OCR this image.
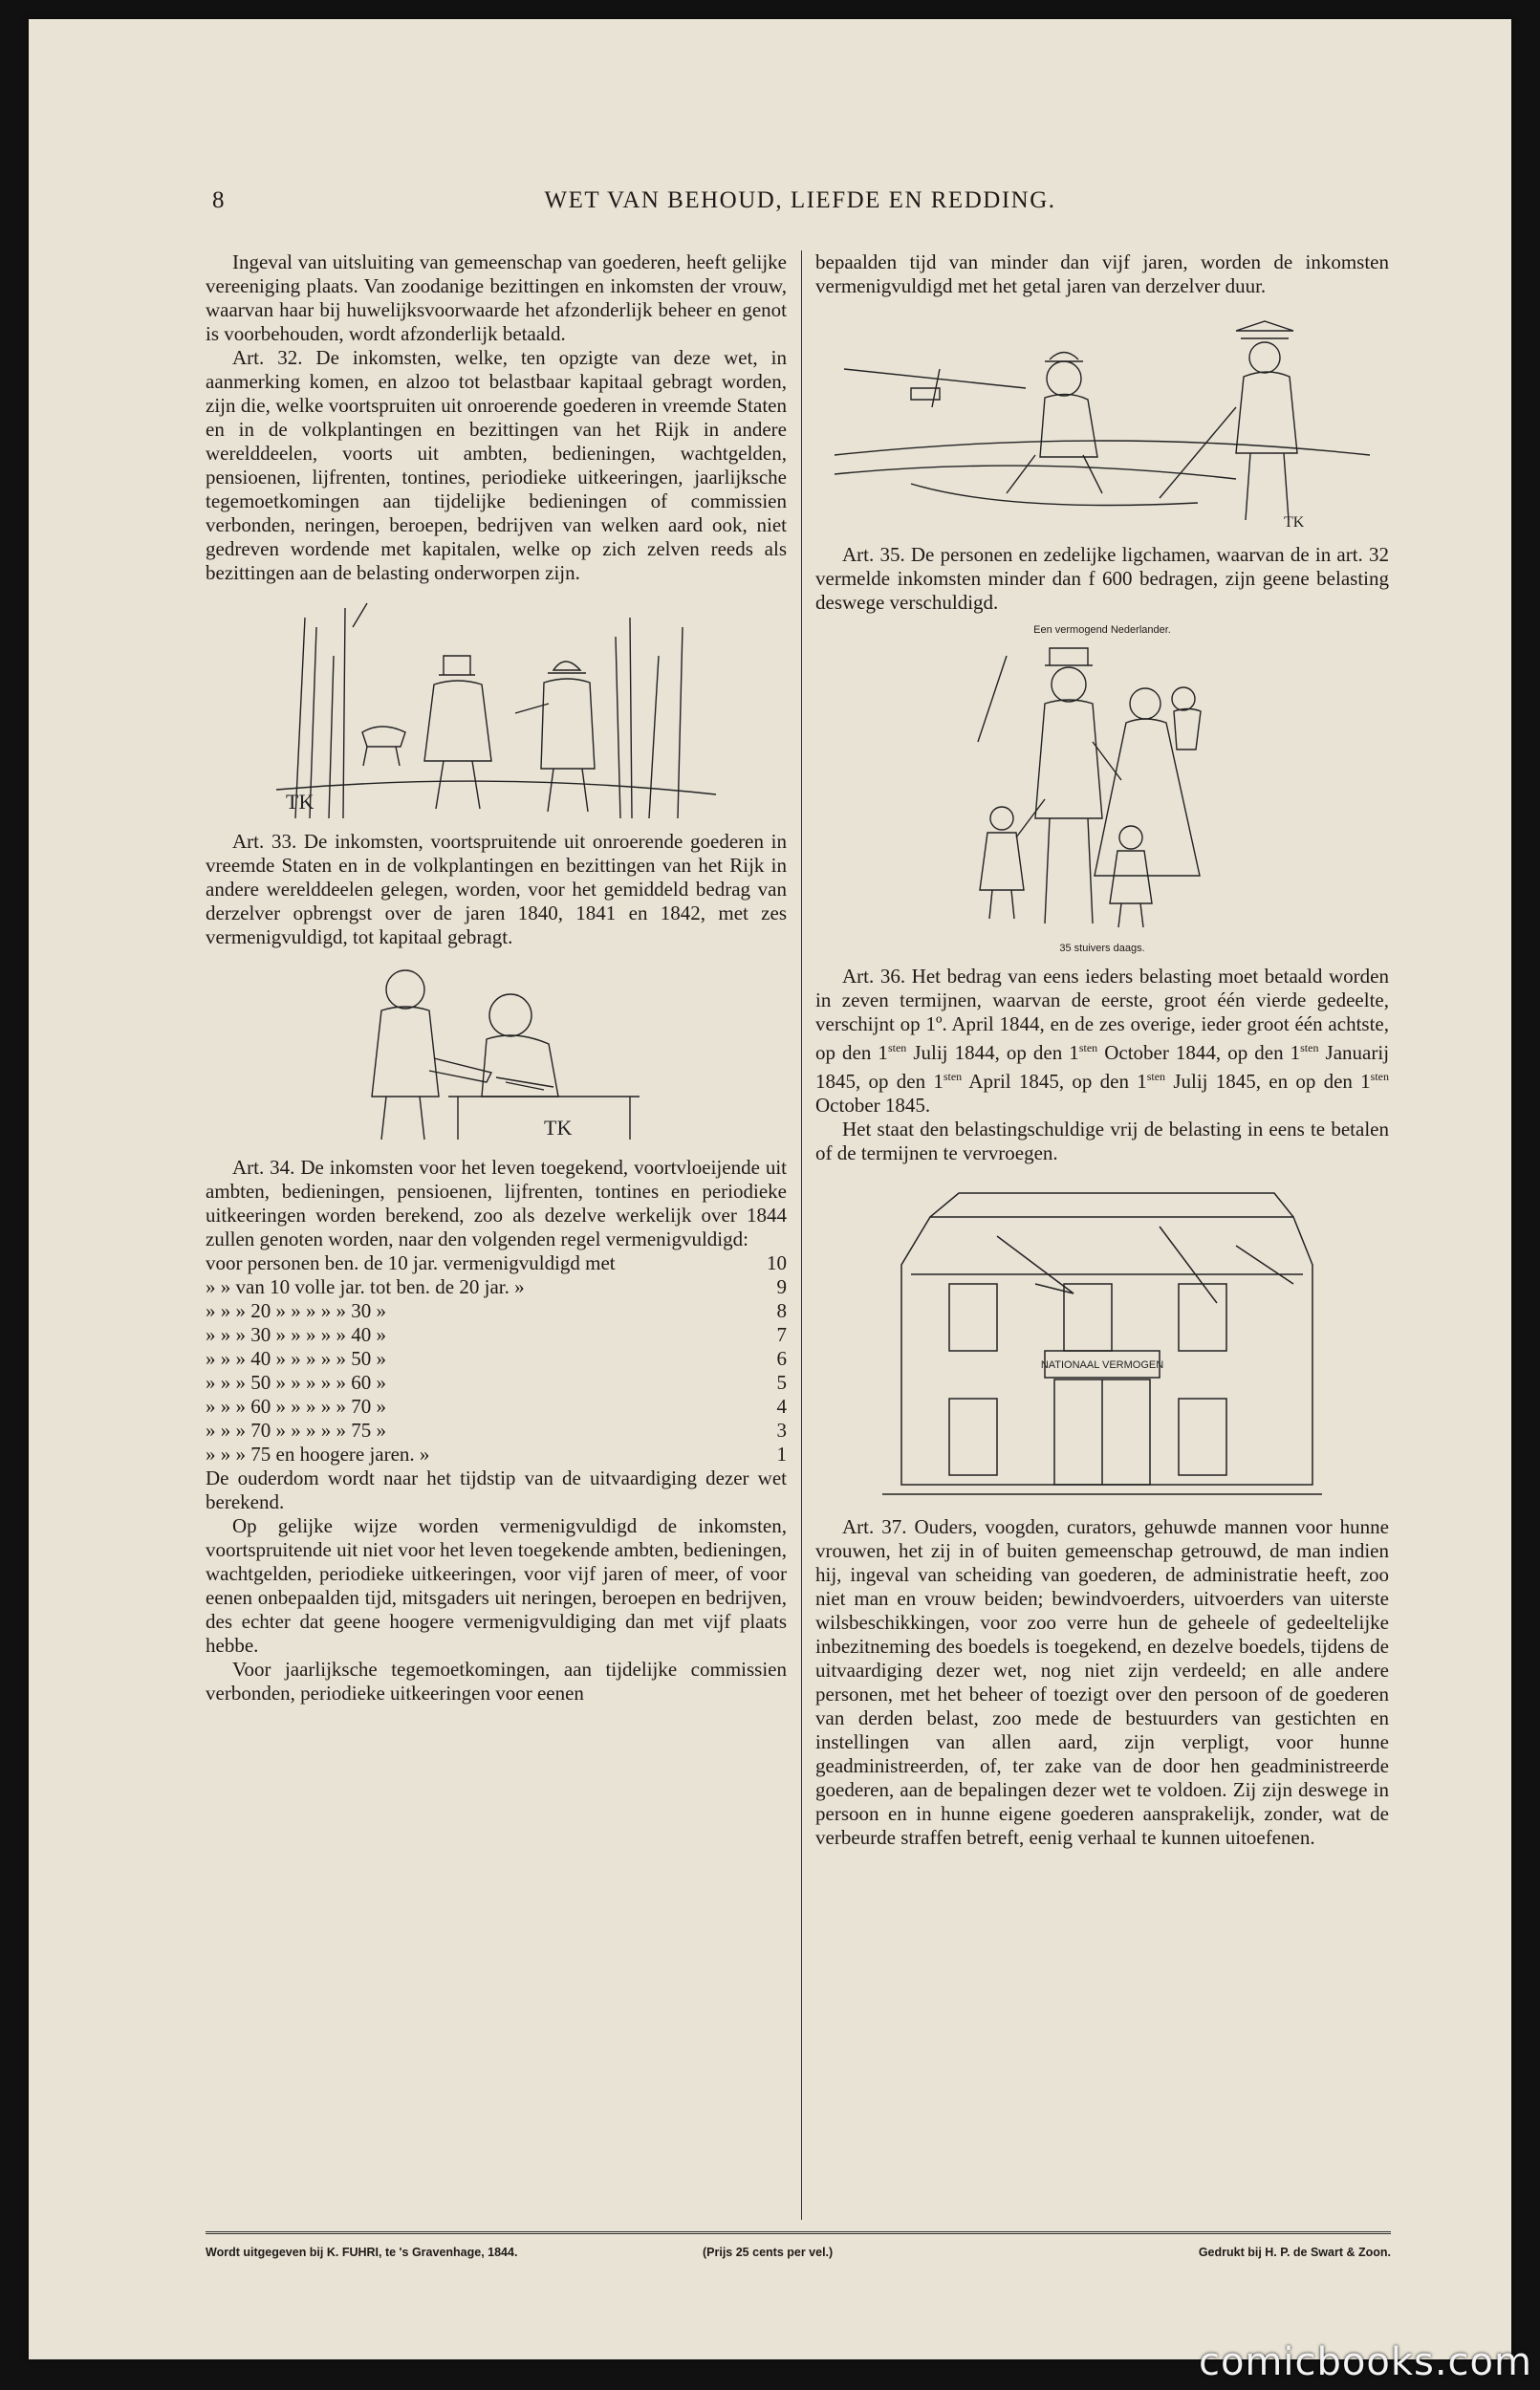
8	WET VAN BEHOUD, LIEFDE EN REDDING.

Ingeval van uitsluiting van gemeenschap van goederen, heeft gelijke vereeniging plaats. Van zoodanige bezittingen en inkomsten der vrouw, waarvan haar bij huwelijksvoorwaarde het afzonderlijk beheer en genot is voorbehouden, wordt afzonderlijk betaald.

Art. 32. De inkomsten, welke, ten opzigte van deze wet, in aanmerking komen, en alzoo tot belastbaar kapitaal gebragt worden, zijn die, welke voortspruiten uit onroerende goederen in vreemde Staten en in de volkplantingen en bezittingen van het Rijk in andere werelddeelen, voorts uit ambten, bedieningen, wachtgelden, pensioenen, lijfrenten, tontines, periodieke uitkeeringen, jaarlijksche tegemoetkomingen aan tijdelijke bedieningen of commissien verbonden, neringen, beroepen, bedrijven van welken aard ook, niet gedreven wordende met kapitalen, welke op zich zelven reeds als bezittingen aan de belasting onderworpen zijn.

TK

Art. 33. De inkomsten, voortspruitende uit onroerende goederen in vreemde Staten en in de volkplantingen en bezittingen van het Rijk in andere werelddeelen gelegen, worden, voor het gemiddeld bedrag van derzelver opbrengst over de jaren 1840, 1841 en 1842, met zes vermenigvuldigd, tot kapitaal gebragt.

TK

Art. 34. De inkomsten voor het leven toegekend, voortvloeijende uit ambten, bedieningen, pensioenen, lijfrenten, tontines en periodieke uitkeeringen worden berekend, zoo als dezelve werkelijk over 1844 zullen genoten worden, naar den volgenden regel vermenigvuldigd:

voor personen ben. de 10 jar. vermenigvuldigd met	10
» » van 10 volle jar. tot ben. de 20 jar. »	9
» » » 20 » » » » » 30 »	8
» » » 30 » » » » » 40 »	7
» » » 40 » » » » » 50 »	6
» » » 50 » » » » » 60 »	5
» » » 60 » » » » » 70 »	4
» » » 70 » » » » » 75 »	3
» » » 75 en hoogere jaren. »	1

De ouderdom wordt naar het tijdstip van de uitvaardiging dezer wet berekend.

Op gelijke wijze worden vermenigvuldigd de inkomsten, voortspruitende uit niet voor het leven toegekende ambten, bedieningen, wachtgelden, periodieke uitkeeringen, voor vijf jaren of meer, of voor eenen onbepaalden tijd, mitsgaders uit neringen, beroepen en bedrijven, des echter dat geene hoogere vermenigvuldiging dan met vijf plaats hebbe.

Voor jaarlijksche tegemoetkomingen, aan tijdelijke commissien verbonden, periodieke uitkeeringen voor eenen

bepaalden tijd van minder dan vijf jaren, worden de inkomsten vermenigvuldigd met het getal jaren van derzelver duur.

TK

Art. 35. De personen en zedelijke ligchamen, waarvan de in art. 32 vermelde inkomsten minder dan f 600 bedragen, zijn geene belasting deswege verschuldigd.

Een vermogend Nederlander.
35 stuivers daags.

Art. 36. Het bedrag van eens ieders belasting moet betaald worden in zeven termijnen, waarvan de eerste, groot één vierde gedeelte, verschijnt op 1º. April 1844, en de zes overige, ieder groot één achtste, op den $1^{sten}$ Julij 1844, op den $1^{sten}$ October 1844, op den $1^{sten}$ Januarij 1845, op den $1^{sten}$ April 1845, op den $1^{sten}$ Julij 1845, en op den $1^{sten}$ October 1845.

Het staat den belastingschuldige vrij de belasting in eens te betalen of de termijnen te vervroegen.

NATIONAAL VERMOGEN

Art. 37. Ouders, voogden, curators, gehuwde mannen voor hunne vrouwen, het zij in of buiten gemeenschap getrouwd, de man indien hij, ingeval van scheiding van goederen, de administratie heeft, zoo niet man en vrouw beiden; bewindvoerders, uitvoerders van uiterste wilsbeschikkingen, voor zoo verre hun de geheele of gedeeltelijke inbezitneming des boedels is toegekend, en dezelve boedels, tijdens de uitvaardiging dezer wet, nog niet zijn verdeeld; en alle andere personen, met het beheer of toezigt over den persoon of de goederen van derden belast, zoo mede de bestuurders van gestichten en instellingen van allen aard, zijn verpligt, voor hunne geadministreerden, of, ter zake van de door hen geadministreerde goederen, aan de bepalingen dezer wet te voldoen. Zij zijn deswege in persoon en in hunne eigene goederen aansprakelijk, zonder, wat de verbeurde straffen betreft, eenig verhaal te kunnen uitoefenen.

Wordt uitgegeven bij K. FUHRI, te 's Gravenhage, 1844.	(Prijs 25 cents per vel.)	Gedrukt bij H. P. de Swart & Zoon.
comicbooks.com
